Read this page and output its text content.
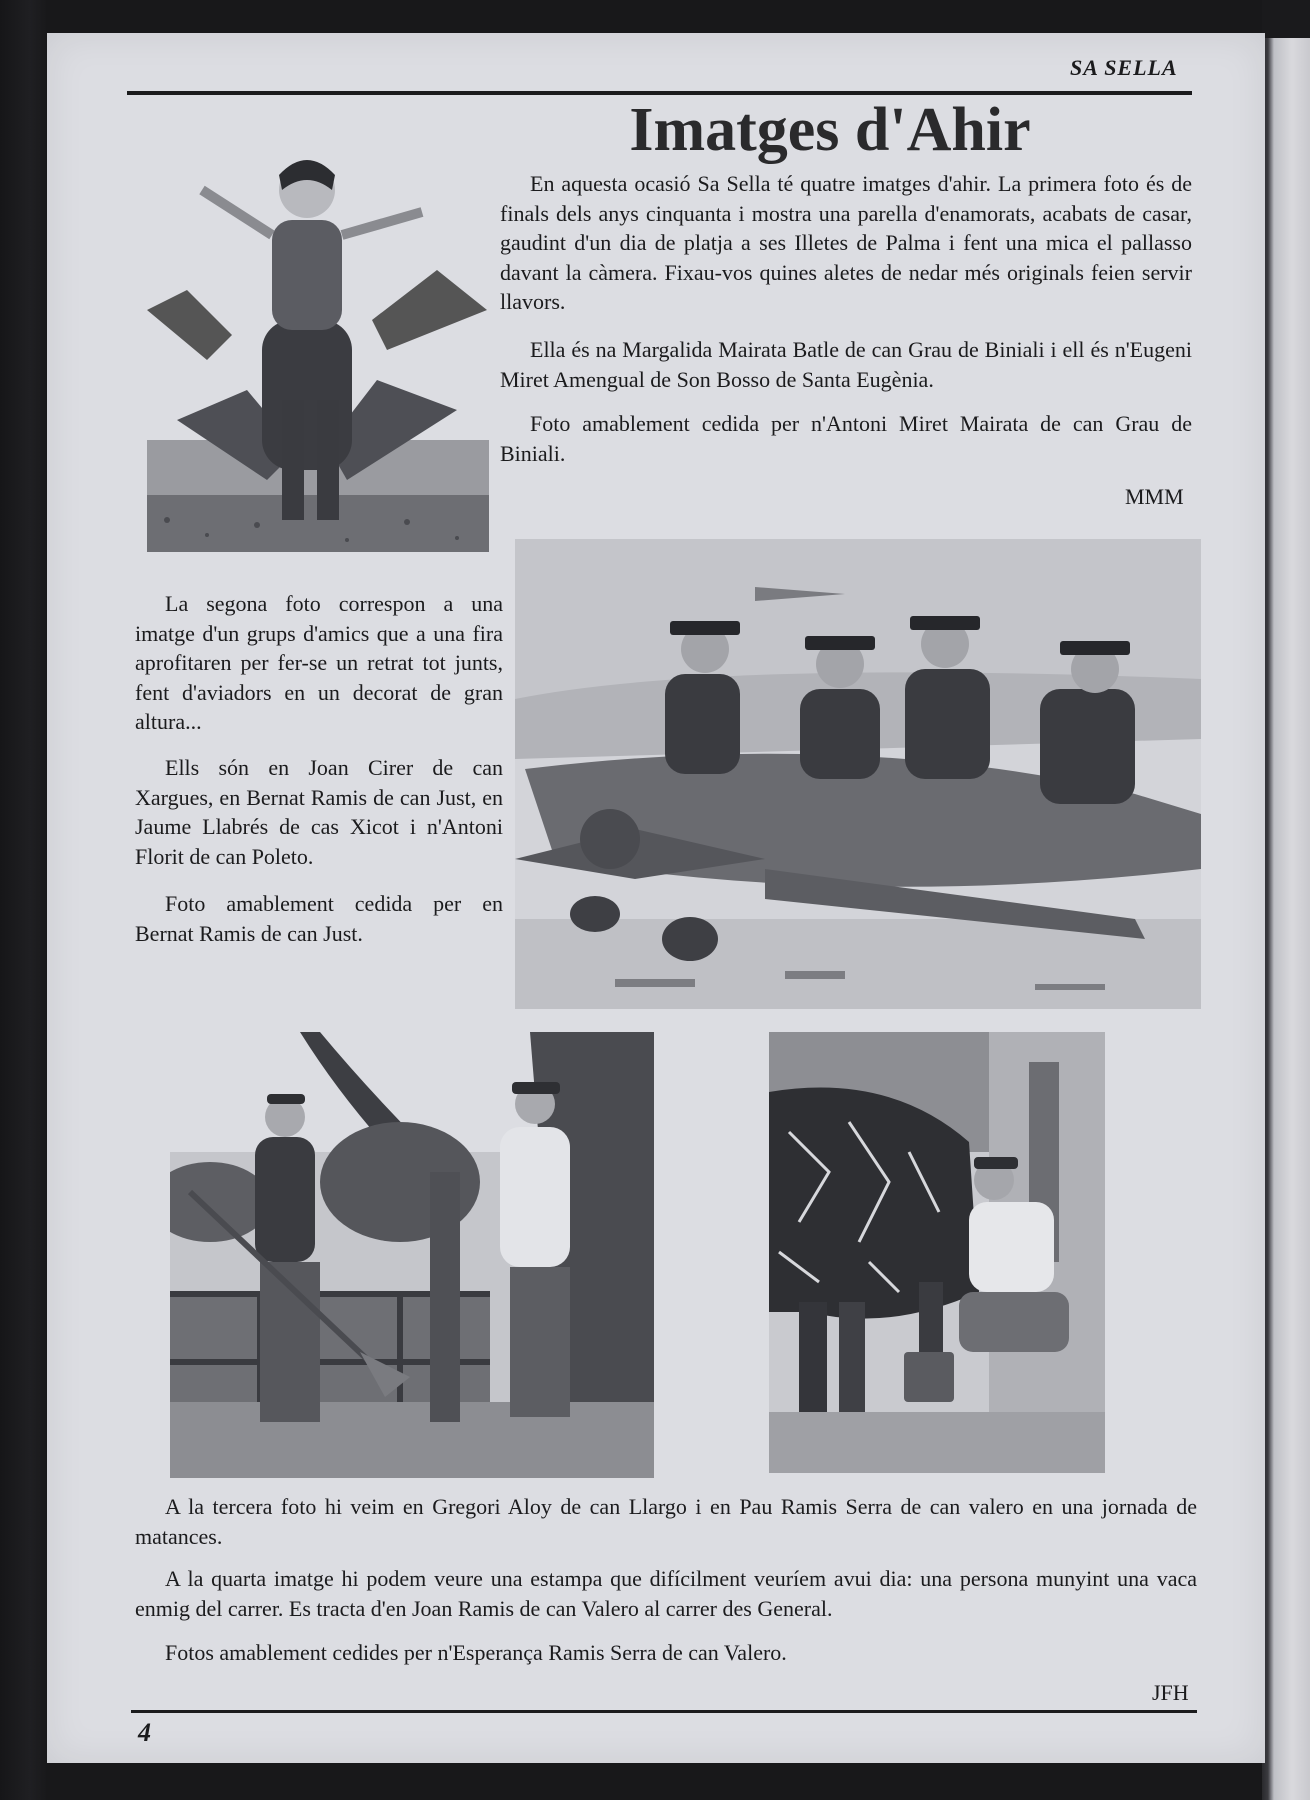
SA SELLA
Imatges d'Ahir
En aquesta ocasió Sa Sella té quatre imatges d'ahir. La primera foto és de finals dels anys cinquanta i mostra una parella d'enamorats, acabats de casar, gaudint d'un dia de platja a ses Illetes de Palma i fent una mica el pallasso davant la càmera. Fixau-vos quines aletes de nedar més originals feien servir llavors.
Ella és na Margalida Mairata Batle de can Grau de Biniali i ell és n'Eugeni Miret Amengual de Son Bosso de Santa Eugènia.
Foto amablement cedida per n'Antoni Miret Mairata de can Grau de Biniali.
MMM
La segona foto correspon a una imatge d'un grups d'amics que a una fira aprofitaren per fer-se un retrat tot junts, fent d'aviadors en un decorat de gran altura...
Ells són en Joan Cirer de can Xargues, en Bernat Ramis de can Just, en Jaume Llabrés de cas Xicot i n'Antoni Florit de can Poleto.
Foto amablement cedida per en Bernat Ramis de can Just.
A la tercera foto hi veim en Gregori Aloy de can Llargo i en Pau Ramis Serra de can valero en una jornada de matances.
A la quarta imatge hi podem veure una estampa que difícilment veuríem avui dia: una persona munyint una vaca enmig del carrer. Es tracta d'en Joan Ramis de can Valero al carrer des General.
Fotos amablement cedides per n'Esperança Ramis Serra de can Valero.
JFH
4
